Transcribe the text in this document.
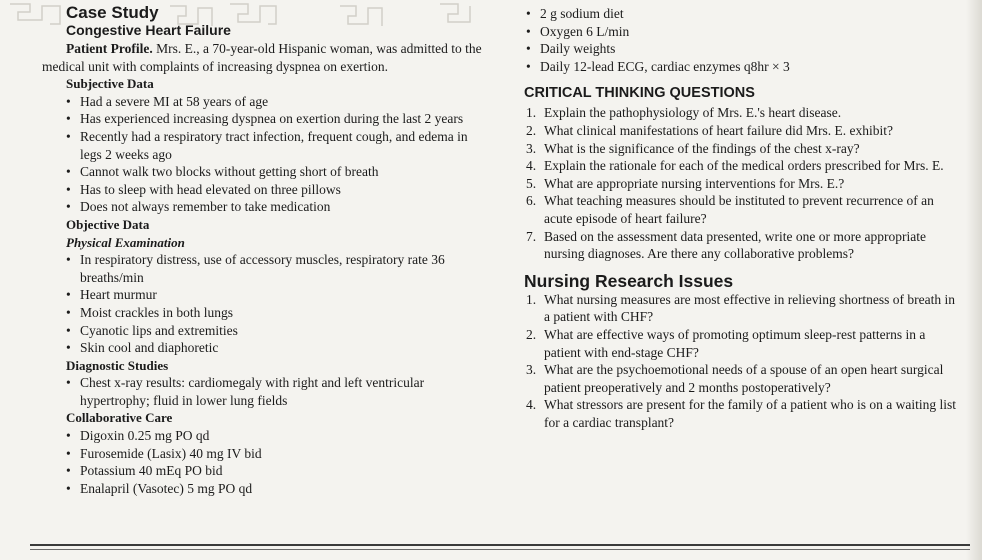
Case Study
Congestive Heart Failure

Patient Profile. Mrs. E., a 70-year-old Hispanic woman, was admitted to the medical unit with complaints of increasing dyspnea on exertion.

Subjective Data
• Had a severe MI at 58 years of age
• Has experienced increasing dyspnea on exertion during the last 2 years
• Recently had a respiratory tract infection, frequent cough, and edema in legs 2 weeks ago
• Cannot walk two blocks without getting short of breath
• Has to sleep with head elevated on three pillows
• Does not always remember to take medication
Objective Data
Physical Examination
• In respiratory distress, use of accessory muscles, respiratory rate 36 breaths/min
• Heart murmur
• Moist crackles in both lungs
• Cyanotic lips and extremities
• Skin cool and diaphoretic
Diagnostic Studies
• Chest x-ray results: cardiomegaly with right and left ventricular hypertrophy; fluid in lower lung fields
Collaborative Care
• Digoxin 0.25 mg PO qd
• Furosemide (Lasix) 40 mg IV bid
• Potassium 40 mEq PO bid
• Enalapril (Vasotec) 5 mg PO qd
• 2 g sodium diet
• Oxygen 6 L/min
• Daily weights
• Daily 12-lead ECG, cardiac enzymes q8hr × 3
CRITICAL THINKING QUESTIONS
1. Explain the pathophysiology of Mrs. E.'s heart disease.
2. What clinical manifestations of heart failure did Mrs. E. exhibit?
3. What is the significance of the findings of the chest x-ray?
4. Explain the rationale for each of the medical orders prescribed for Mrs. E.
5. What are appropriate nursing interventions for Mrs. E.?
6. What teaching measures should be instituted to prevent recurrence of an acute episode of heart failure?
7. Based on the assessment data presented, write one or more appropriate nursing diagnoses. Are there any collaborative problems?
Nursing Research Issues
1. What nursing measures are most effective in relieving shortness of breath in a patient with CHF?
2. What are effective ways of promoting optimum sleep-rest patterns in a patient with end-stage CHF?
3. What are the psychoemotional needs of a spouse of an open heart surgical patient preoperatively and 2 months postoperatively?
4. What stressors are present for the family of a patient who is on a waiting list for a cardiac transplant?
